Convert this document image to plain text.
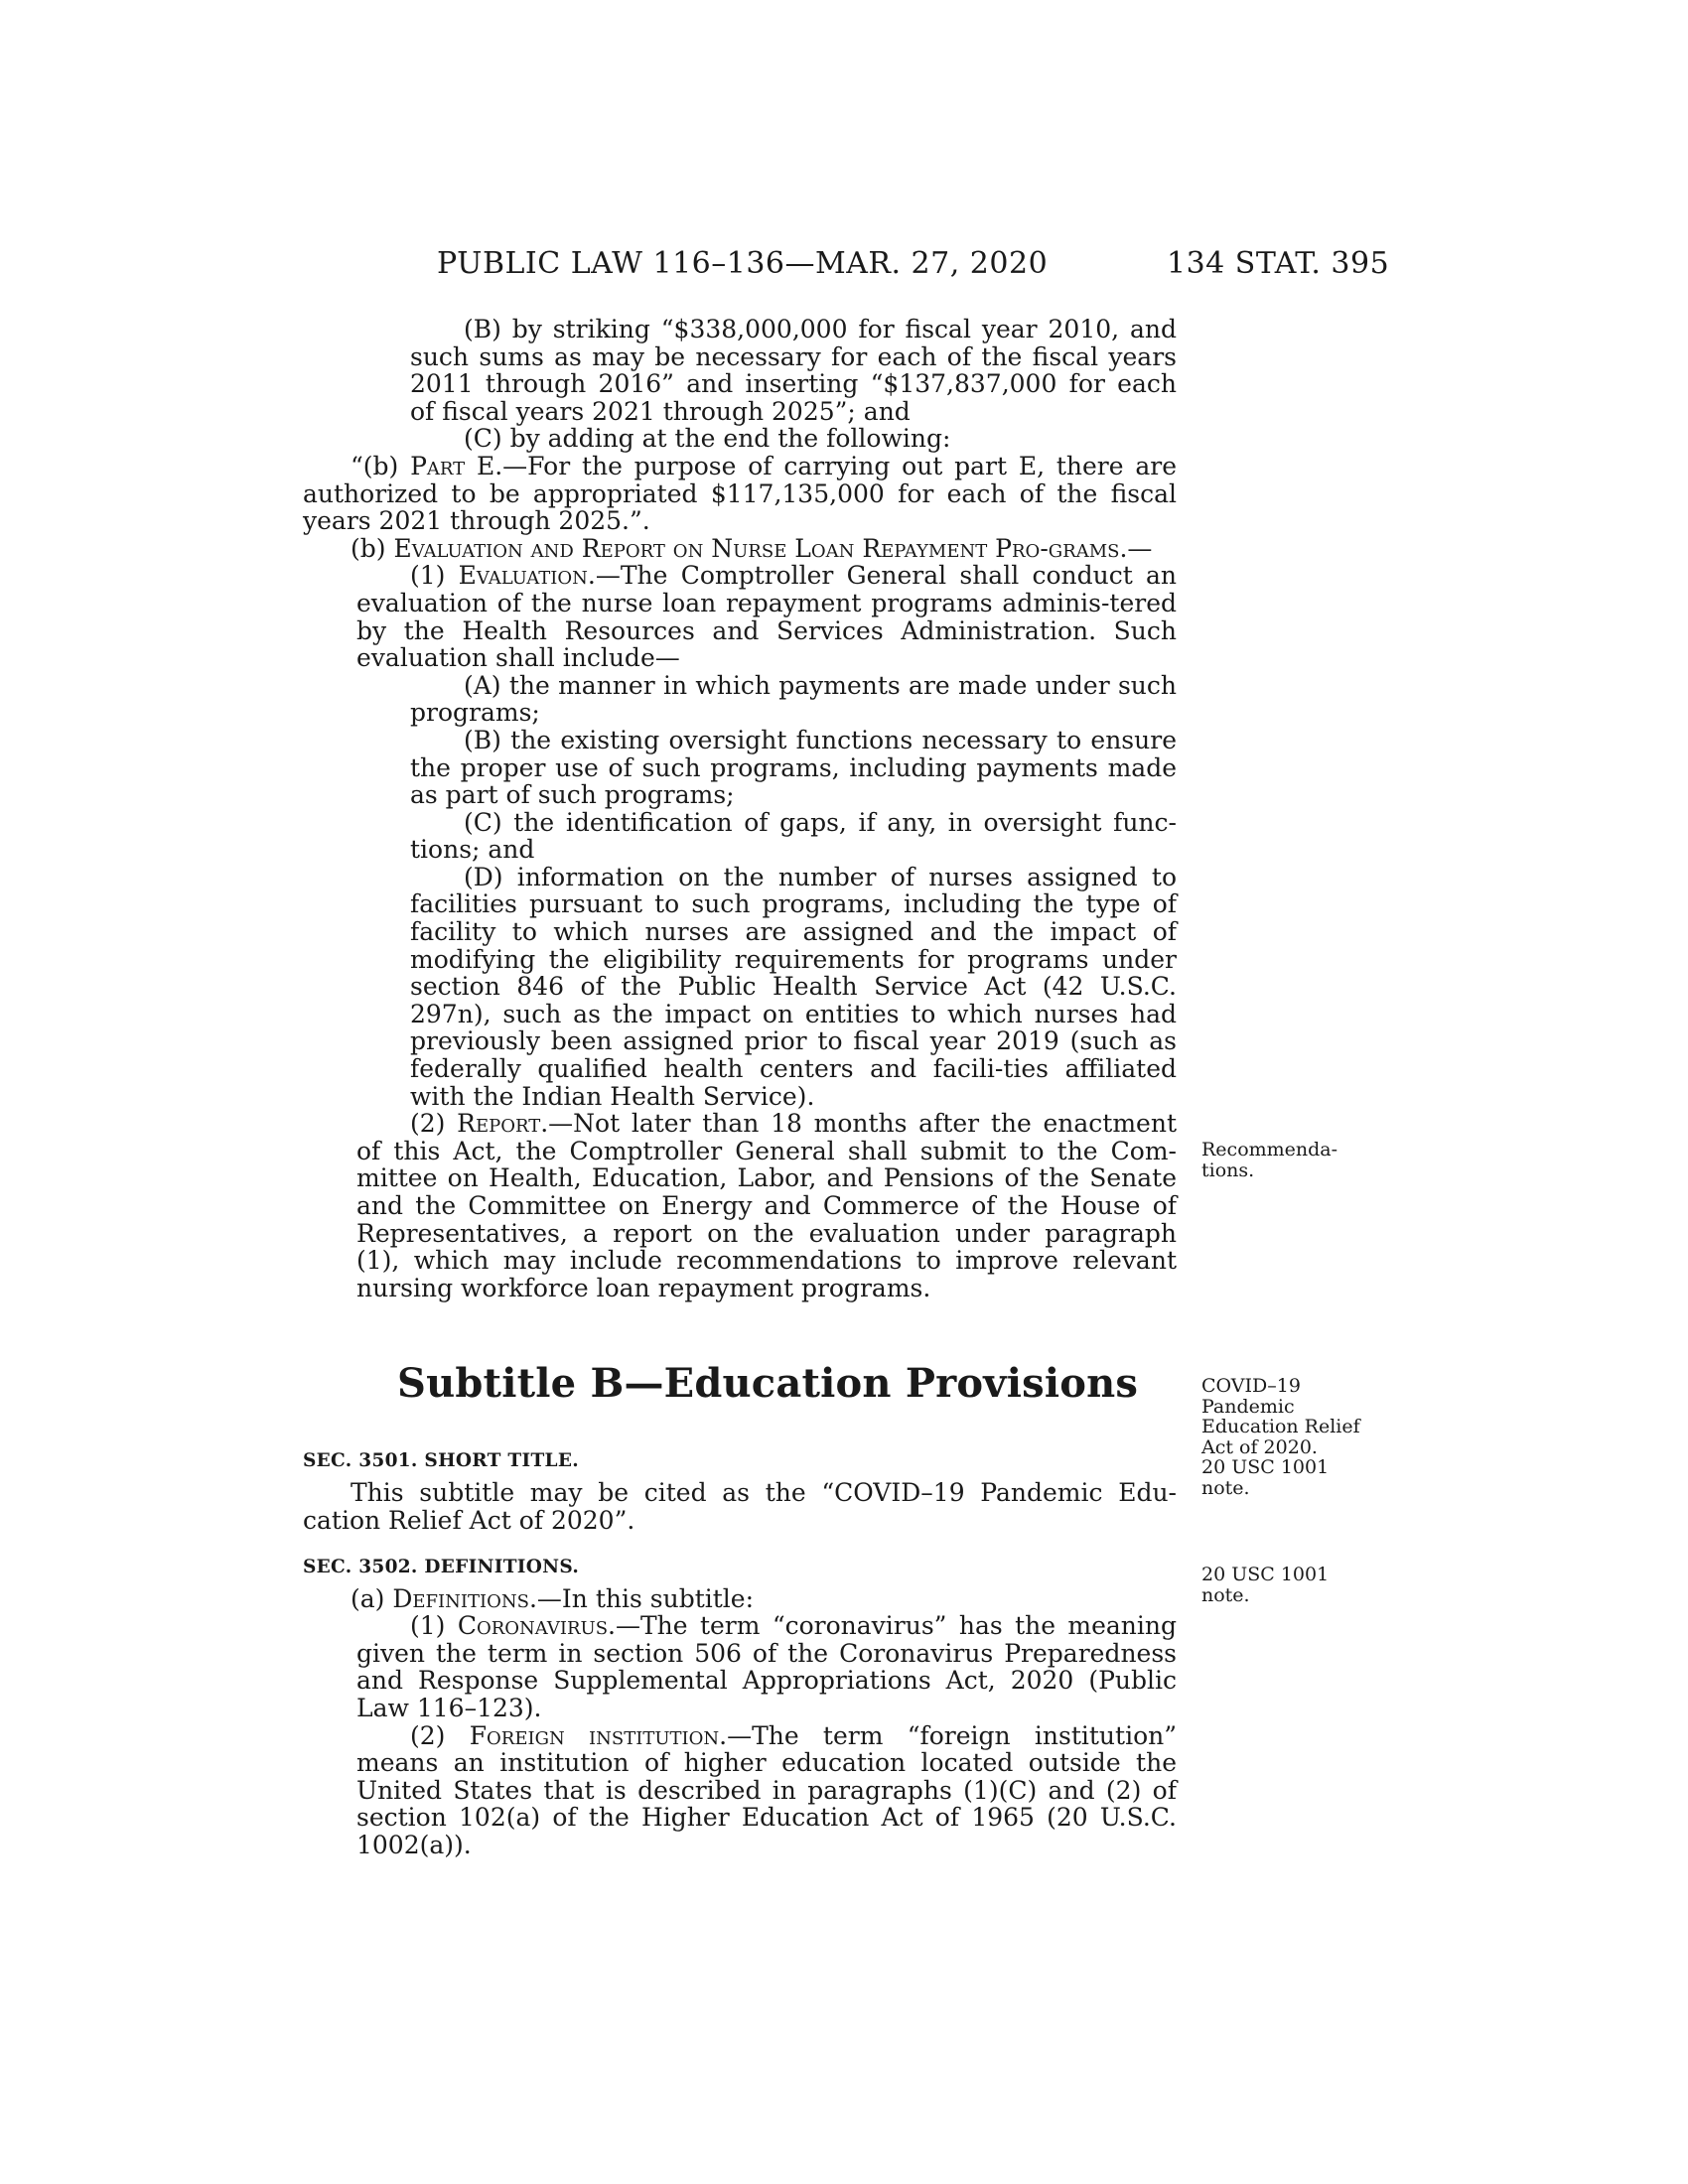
PUBLIC LAW 116–136—MAR. 27, 2020	134 STAT. 395

(B) by striking “$338,000,000 for fiscal year 2010, and such sums as may be necessary for each of the fiscal years 2011 through 2016” and inserting “$137,837,000 for each of fiscal years 2021 through 2025”; and

(C) by adding at the end the following:

“(b) Part E.—For the purpose of carrying out part E, there are authorized to be appropriated $117,135,000 for each of the fiscal years 2021 through 2025.”.

(b) Evaluation and Report on Nurse Loan Repayment Pro-grams.—

(1) Evaluation.—The Comptroller General shall conduct an evaluation of the nurse loan repayment programs adminis-tered by the Health Resources and Services Administration. Such evaluation shall include—

(A) the manner in which payments are made under such programs;

(B) the existing oversight functions necessary to ensure the proper use of such programs, including payments made as part of such programs;

(C) the identification of gaps, if any, in oversight func-tions; and

(D) information on the number of nurses assigned to facilities pursuant to such programs, including the type of facility to which nurses are assigned and the impact of modifying the eligibility requirements for programs under section 846 of the Public Health Service Act (42 U.S.C. 297n), such as the impact on entities to which nurses had previously been assigned prior to fiscal year 2019 (such as federally qualified health centers and facili-ties affiliated with the Indian Health Service).

(2) Report.—Not later than 18 months after the enactment of this Act, the Comptroller General shall submit to the Com-mittee on Health, Education, Labor, and Pensions of the Senate and the Committee on Energy and Commerce of the House of Representatives, a report on the evaluation under paragraph (1), which may include recommendations to improve relevant nursing workforce loan repayment programs.

SEC. 3501. SHORT TITLE.

This subtitle may be cited as the “COVID–19 Pandemic Edu-cation Relief Act of 2020”.

SEC. 3502. DEFINITIONS.

(a) Definitions.—In this subtitle:

(1) Coronavirus.—The term “coronavirus” has the meaning given the term in section 506 of the Coronavirus Preparedness and Response Supplemental Appropriations Act, 2020 (Public Law 116–123).

(2) Foreign institution.—The term “foreign institution” means an institution of higher education located outside the United States that is described in paragraphs (1)(C) and (2) of section 102(a) of the Higher Education Act of 1965 (20 U.S.C. 1002(a)).

Subtitle B—Education Provisions
Recommenda-
tions.
COVID–19
Pandemic
Education Relief
Act of 2020.
20 USC 1001
note.
20 USC 1001
note.
